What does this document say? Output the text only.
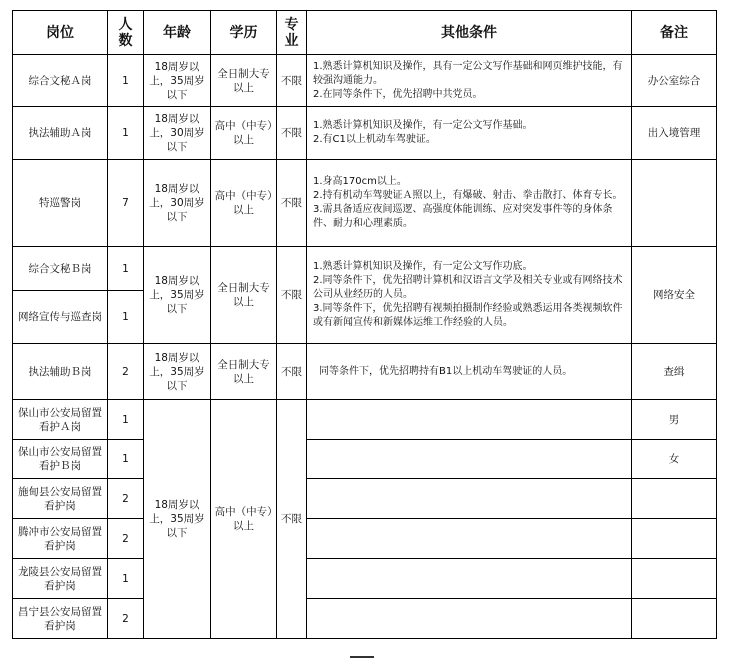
岗位	人数	年龄	学历	专业	其他条件	备注
综合文秘Ａ岗	1	18周岁以上，35周岁以下	全日制大专以上	不限	1.熟悉计算机知识及操作，具有一定公文写作基础和网页维护技能，有较强沟通能力。
2.在同等条件下，优先招聘中共党员。	办公室综合
执法辅助Ａ岗	1	18周岁以上，30周岁以下	高中（中专）以上	不限	1.熟悉计算机知识及操作，有一定公文写作基础。
2.有C1以上机动车驾驶证。	出入境管理
特巡警岗	7	18周岁以上，30周岁以下	高中（中专）以上	不限	1.身高170cm以上。
2.持有机动车驾驶证Ａ照以上，有爆破、射击、拳击散打、体育专长。
3.需具备适应夜间巡逻、高强度体能训练、应对突发事件等的身体条件、耐力和心理素质。	

综合文秘Ｂ岗	1	18周岁以上，35周岁以下	全日制大专以上	不限	1.熟悉计算机知识及操作，有一定公文写作功底。
2.同等条件下，优先招聘计算机和汉语言文学及相关专业或有网络技术公司从业经历的人员。
3.同等条件下，优先招聘有视频拍摄制作经验或熟悉运用各类视频软件或有新闻宣传和新媒体运维工作经验的人员。	网络安全
网络宣传与巡查岗	1					
执法辅助Ｂ岗	2	18周岁以上，35周岁以下	全日制大专以上	不限	同等条件下，优先招聘持有B1以上机动车驾驶证的人员。	查缉
保山市公安局留置看护Ａ岗	1	18周岁以上，35周岁以下	高中（中专）以上	不限		男
保山市公安局留置看护Ｂ岗	1					女
施甸县公安局留置看护岗	2					
腾冲市公安局留置看护岗	2					
龙陵县公安局留置看护岗	1					
昌宁县公安局留置看护岗	2					
